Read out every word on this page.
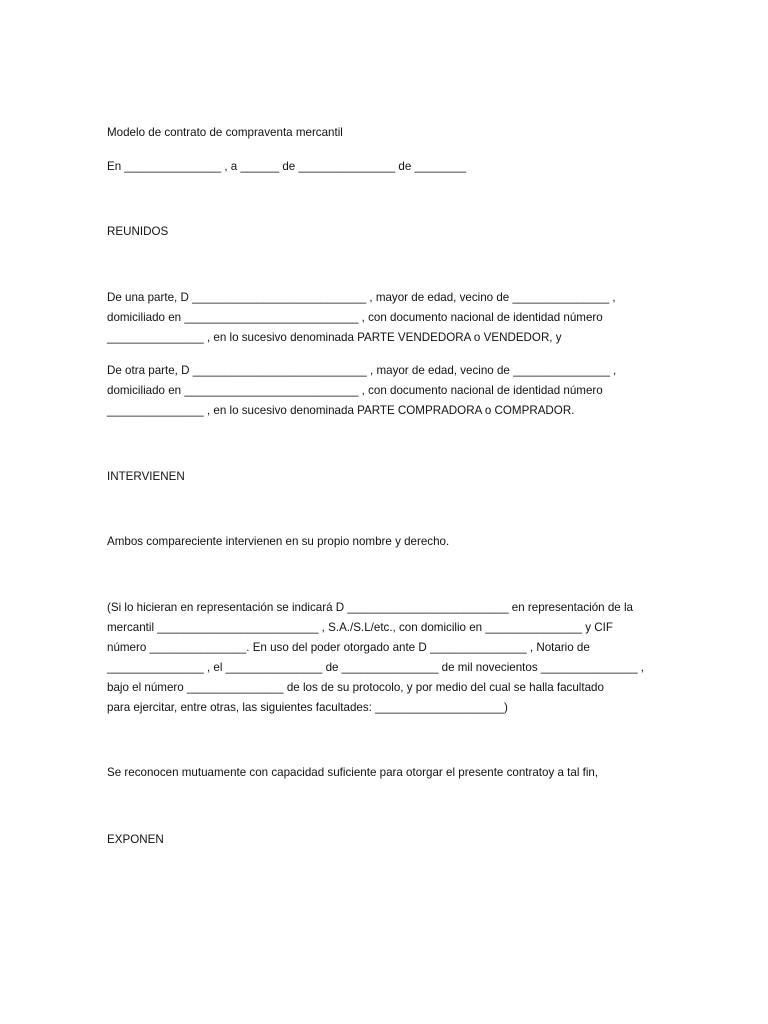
Modelo de contrato de compraventa mercantil

En _______________ , a ______ de _______________ de ________

REUNIDOS

De una parte, D ___________________________ , mayor de edad, vecino de _______________ ,

domiciliado en ___________________________ , con documento nacional de identidad número

_______________ , en lo sucesivo denominada PARTE VENDEDORA o VENDEDOR, y

De otra parte, D ___________________________ , mayor de edad, vecino de _______________ ,

domiciliado en ___________________________ , con documento nacional de identidad número

_______________ , en lo sucesivo denominada PARTE COMPRADORA o COMPRADOR.

INTERVIENEN

Ambos compareciente intervienen en su propio nombre y derecho.

(Si lo hicieran en representación se indicará D _________________________ en representación de la

mercantil _________________________ , S.A./S.L/etc., con domicilio en _______________ y CIF

número _______________. En uso del poder otorgado ante D _______________ , Notario de

_______________ , el _______________ de _______________ de mil novecientos _______________ ,

bajo el número _______________ de los de su protocolo, y por medio del cual se halla facultado

para ejercitar, entre otras, las siguientes facultades: ____________________)

Se reconocen mutuamente con capacidad suficiente para otorgar el presente contratoy a tal fin,

EXPONEN
